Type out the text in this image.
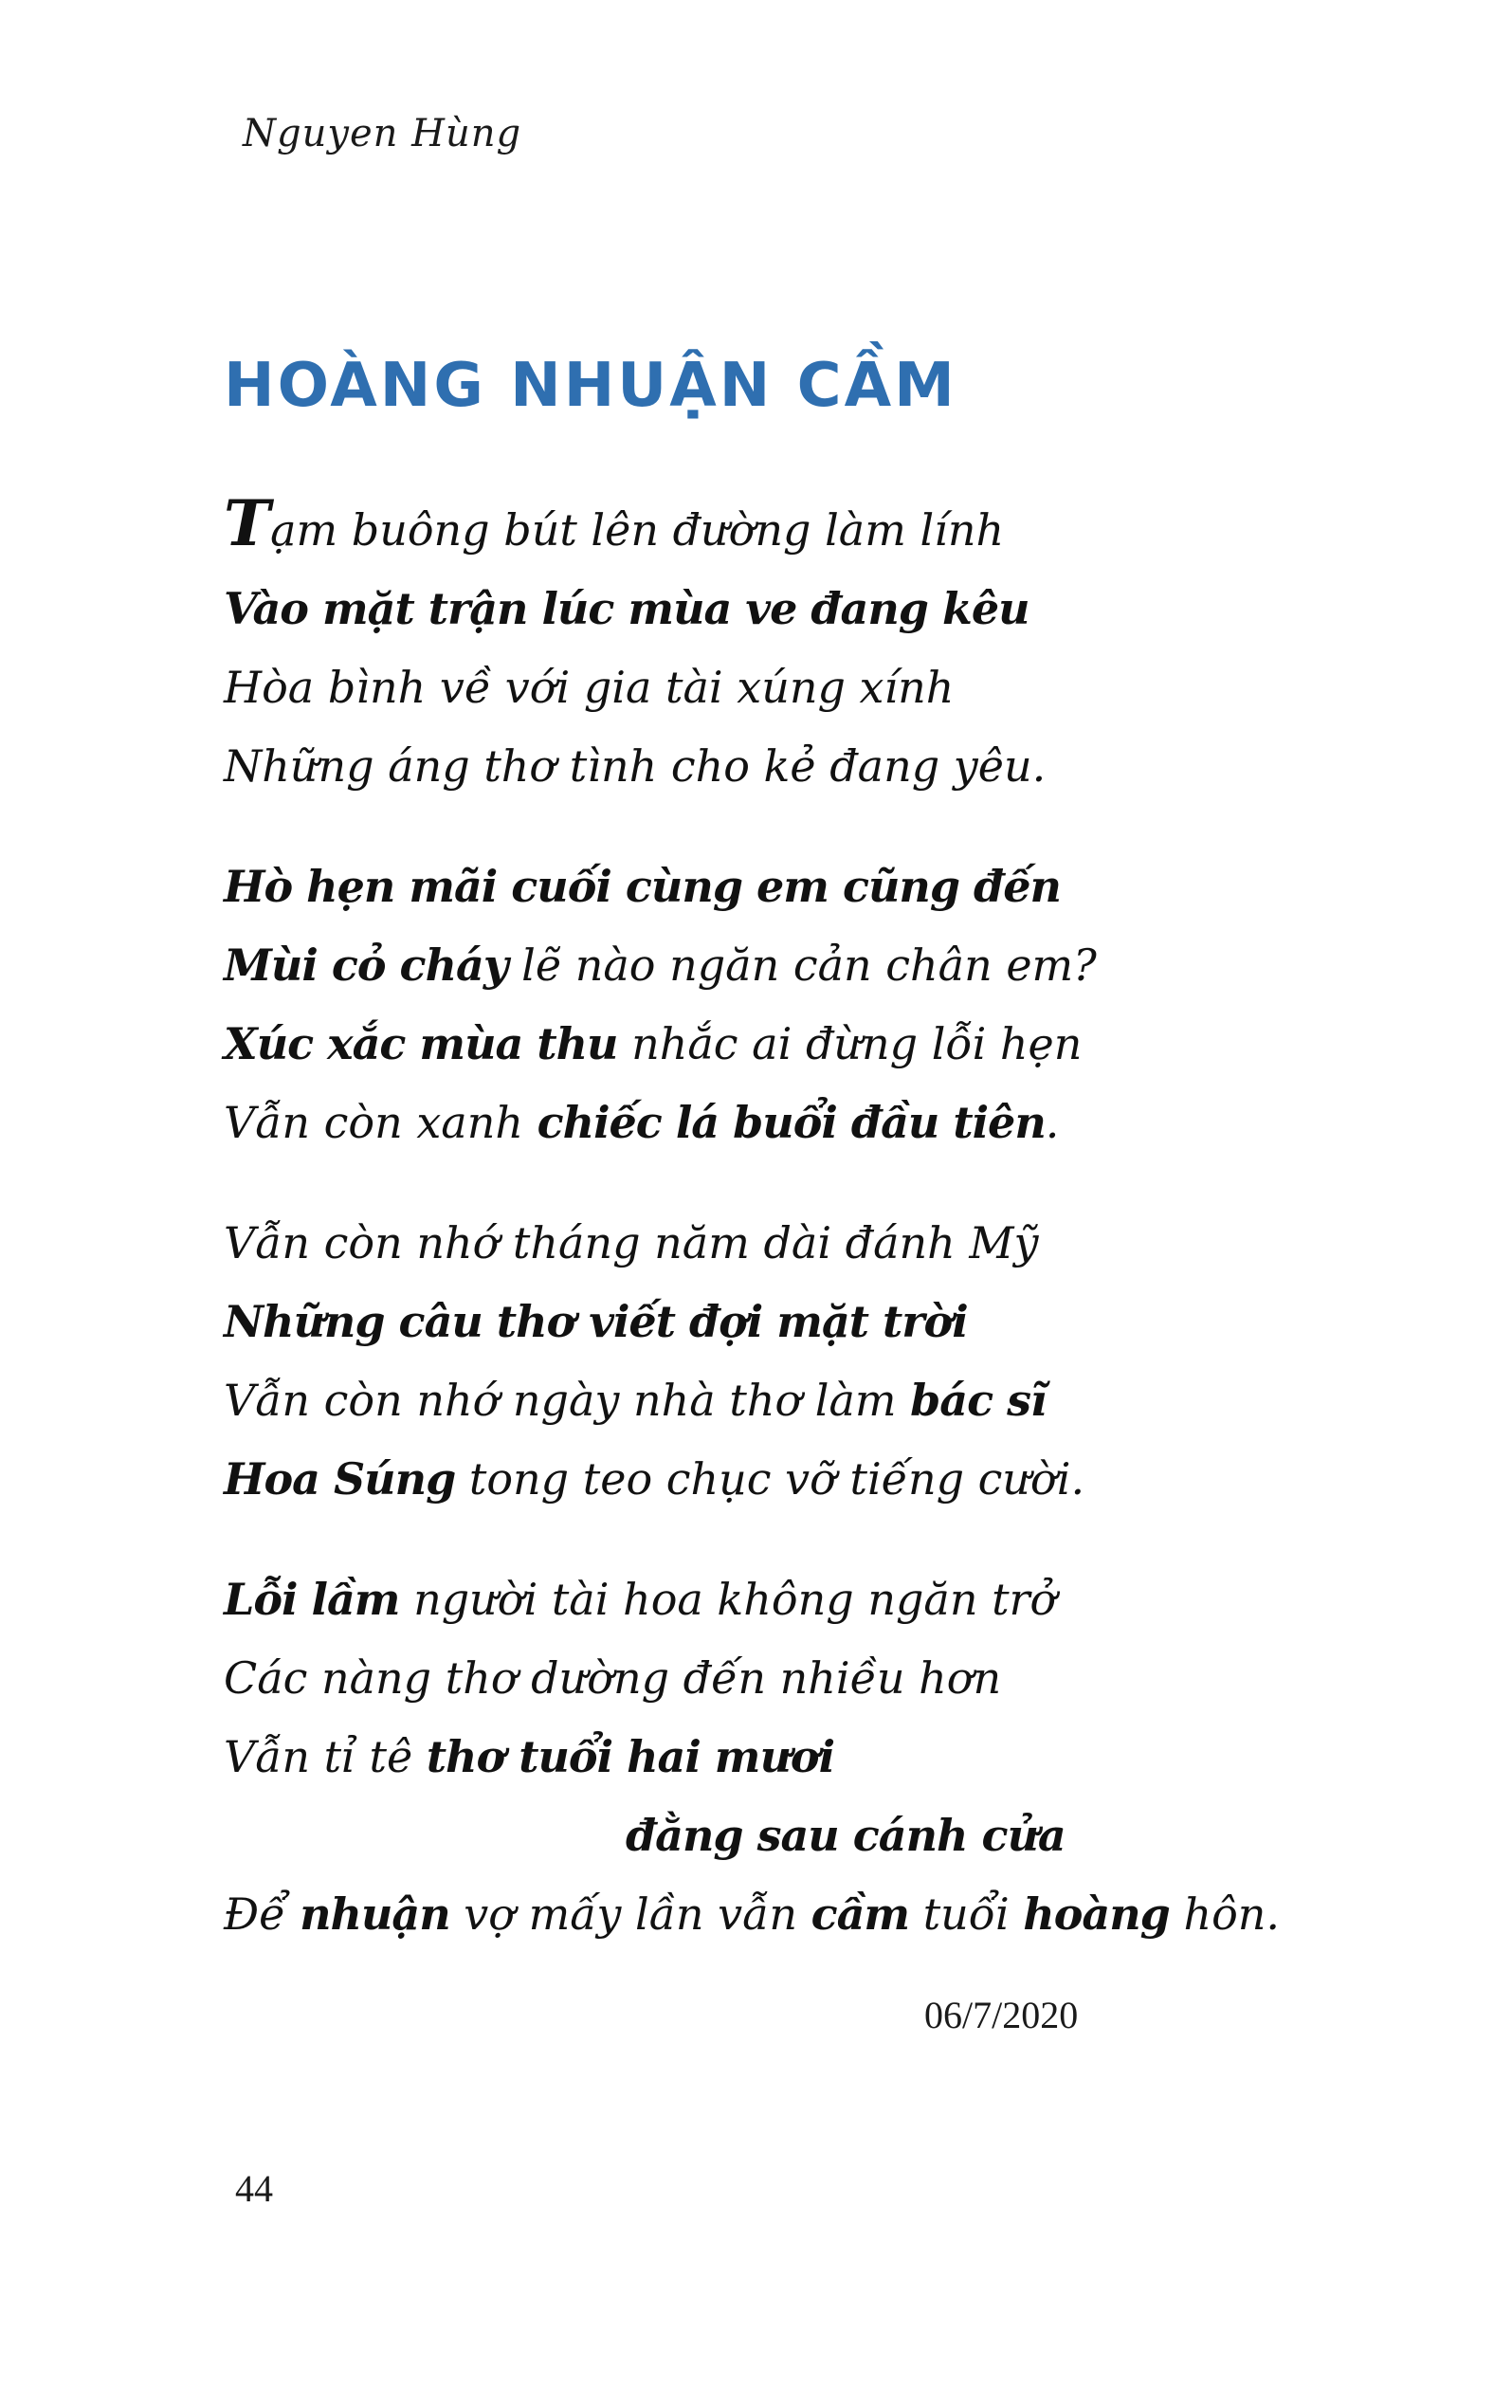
Nguyen Hùng
HOÀNG NHUẬN CẦM
Tạm buông bút lên đường làm lính
Vào mặt trận lúc mùa ve đang kêu
Hòa bình về với gia tài xúng xính
Những áng thơ tình cho kẻ đang yêu.
Hò hẹn mãi cuối cùng em cũng đến
Mùi cỏ cháy lẽ nào ngăn cản chân em?
Xúc xắc mùa thu nhắc ai đừng lỗi hẹn
Vẫn còn xanh chiếc lá buổi đầu tiên.
Vẫn còn nhớ tháng năm dài đánh Mỹ
Những câu thơ viết đợi mặt trời
Vẫn còn nhớ ngày nhà thơ làm bác sĩ
Hoa Súng tong teo chục vỡ tiếng cười.
Lỗi lầm người tài hoa không ngăn trở
Các nàng thơ dường đến nhiều hơn
Vẫn tỉ tê thơ tuổi hai mươi
đằng sau cánh cửa
Để nhuận vợ mấy lần vẫn cầm tuổi hoàng hôn.
06/7/2020
44
